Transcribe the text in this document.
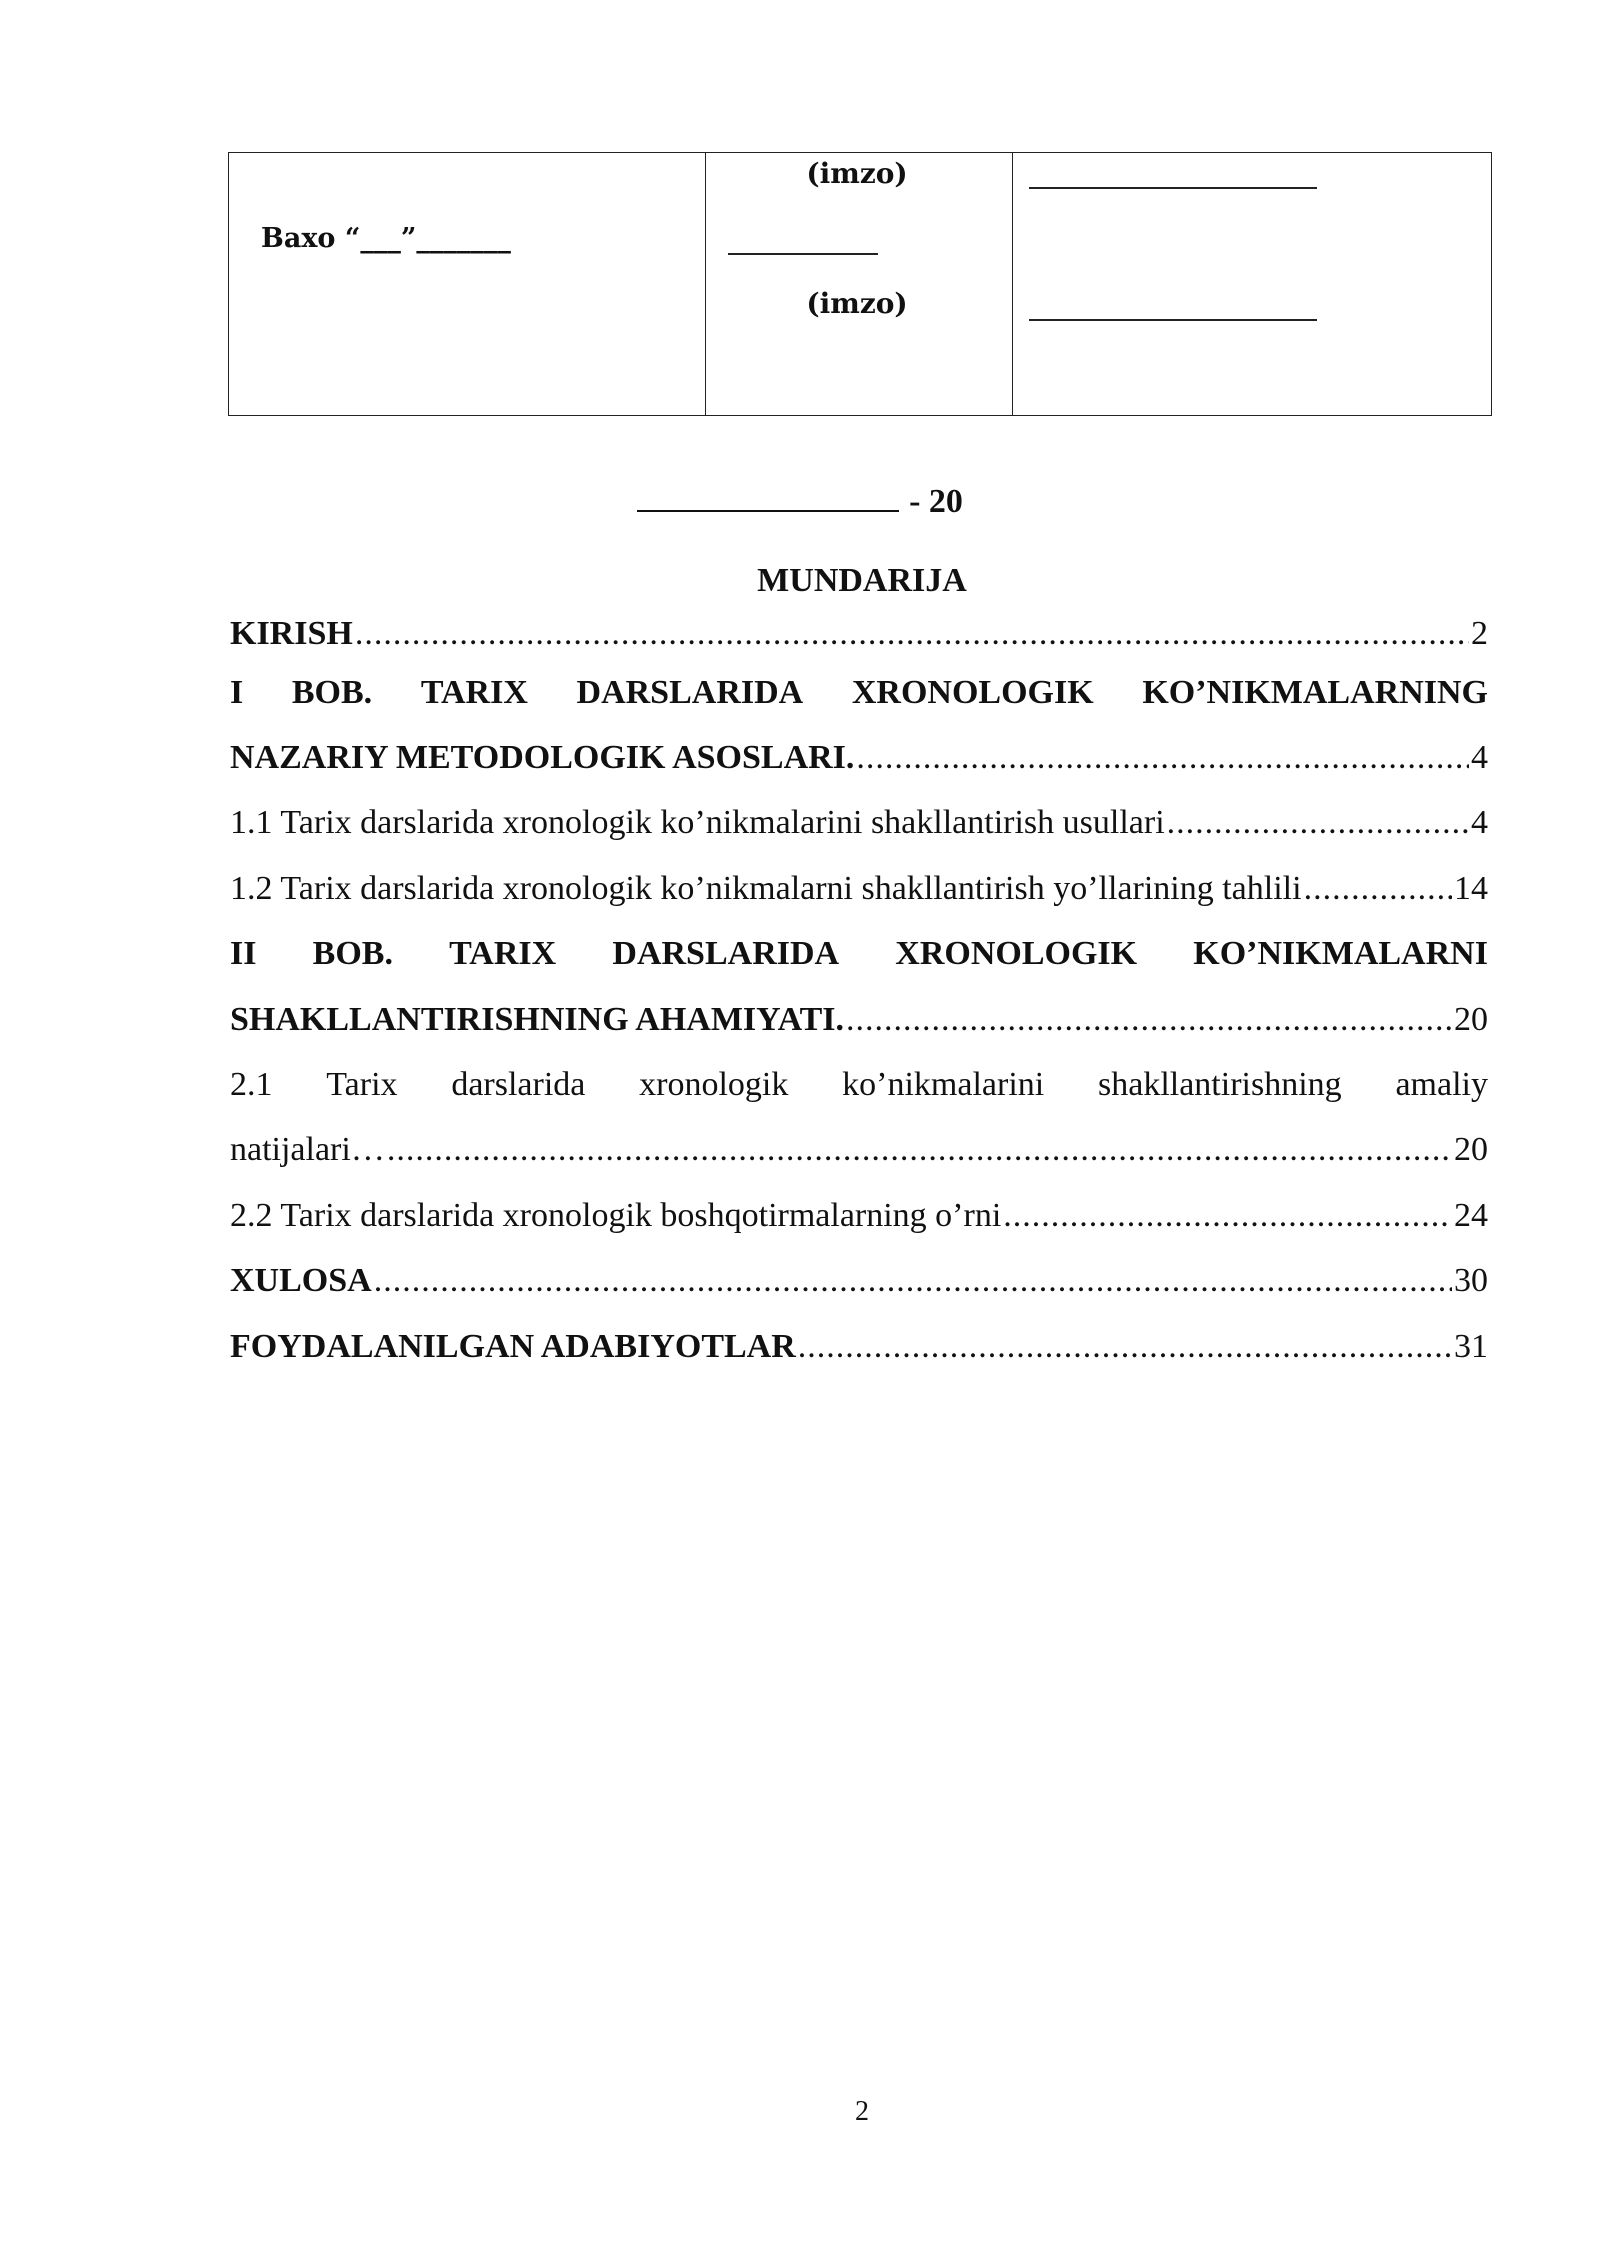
Baxo “___”_______

(imzo)
(imzo)

- 20
MUNDARIJA
KIRISH .....	2
I BOB. TARIX DARSLARIDA XRONOLOGIK KO’NIKMALARNING
NAZARIY METODOLOGIK ASOSLARI. .....	4
1.1 Tarix darslarida xronologik ko’nikmalarini shakllantirish usullari .....	4
1.2 Tarix darslarida xronologik ko’nikmalarni shakllantirish yo’llarining tahlili .....	14
II BOB. TARIX DARSLARIDA XRONOLOGIK KO’NIKMALARNI
SHAKLLANTIRISHNING AHAMIYATI. .....	20
2.1 Tarix darslarida xronologik ko’nikmalarini shakllantirishning amaliy
natijalari… .....	20
2.2 Tarix darslarida xronologik boshqotirmalarning o’rni .....	24
XULOSA .....	30
FOYDALANILGAN ADABIYOTLAR .....	31
2
